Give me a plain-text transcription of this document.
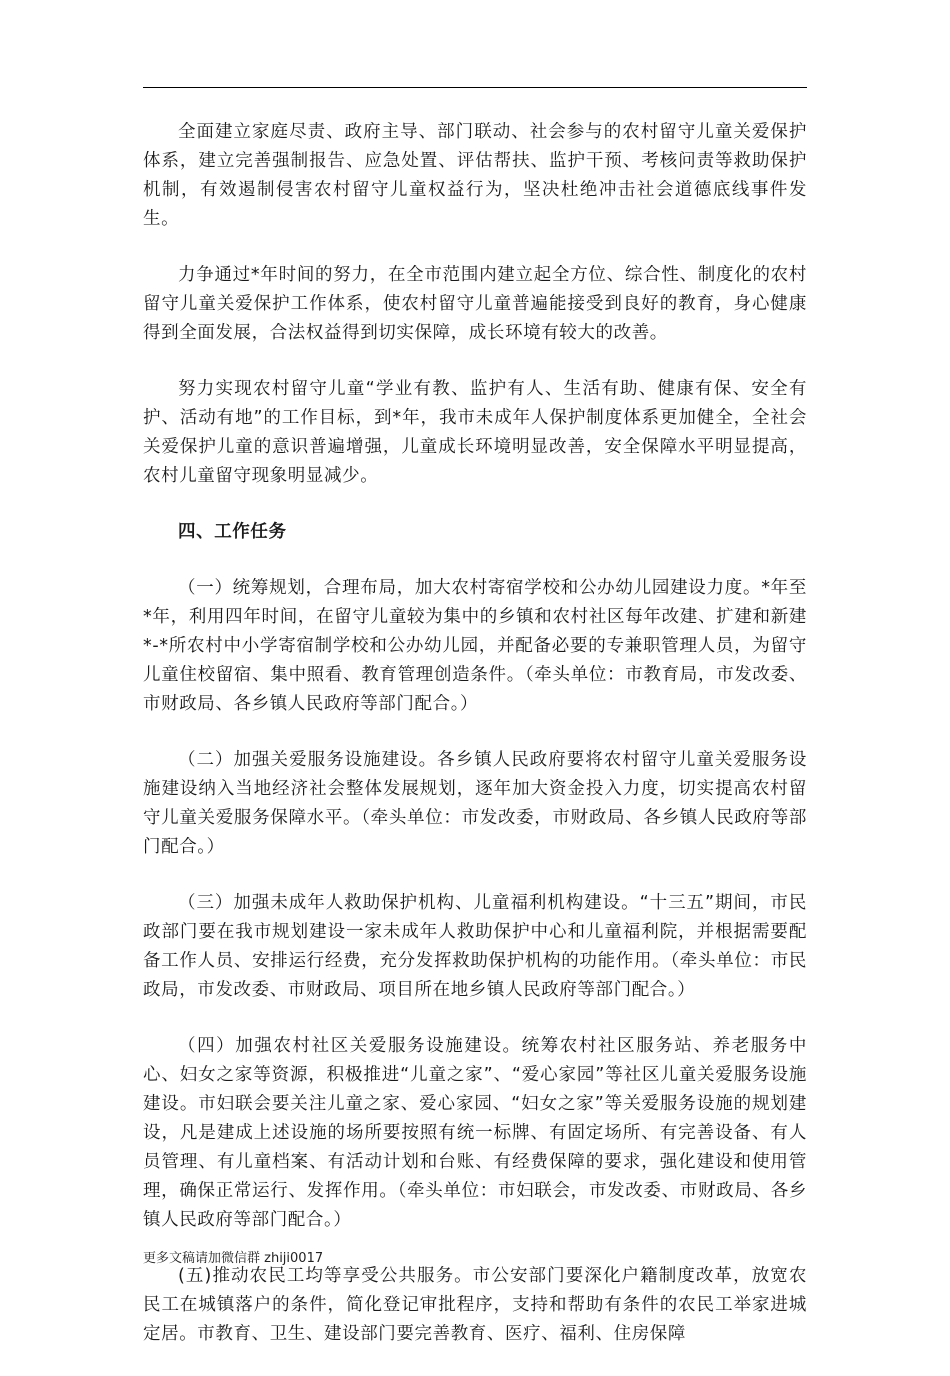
全面建立家庭尽责、政府主导、部门联动、社会参与的农村留守儿童关爱保护体系，建立完善强制报告、应急处置、评估帮扶、监护干预、考核问责等救助保护机制，有效遏制侵害农村留守儿童权益行为，坚决杜绝冲击社会道德底线事件发生。

力争通过*年时间的努力，在全市范围内建立起全方位、综合性、制度化的农村留守儿童关爱保护工作体系，使农村留守儿童普遍能接受到良好的教育，身心健康得到全面发展，合法权益得到切实保障，成长环境有较大的改善。

努力实现农村留守儿童“学业有教、监护有人、生活有助、健康有保、安全有护、活动有地”的工作目标，到*年，我市未成年人保护制度体系更加健全，全社会关爱保护儿童的意识普遍增强，儿童成长环境明显改善，安全保障水平明显提高，农村儿童留守现象明显减少。

四、工作任务

（一）统筹规划，合理布局，加大农村寄宿学校和公办幼儿园建设力度。*年至*年，利用四年时间，在留守儿童较为集中的乡镇和农村社区每年改建、扩建和新建*-*所农村中小学寄宿制学校和公办幼儿园，并配备必要的专兼职管理人员，为留守儿童住校留宿、集中照看、教育管理创造条件。（牵头单位：市教育局，市发改委、市财政局、各乡镇人民政府等部门配合。）

（二）加强关爱服务设施建设。各乡镇人民政府要将农村留守儿童关爱服务设施建设纳入当地经济社会整体发展规划，逐年加大资金投入力度，切实提高农村留守儿童关爱服务保障水平。（牵头单位：市发改委，市财政局、各乡镇人民政府等部门配合。）

（三）加强未成年人救助保护机构、儿童福利机构建设。“十三五”期间，市民政部门要在我市规划建设一家未成年人救助保护中心和儿童福利院，并根据需要配备工作人员、安排运行经费，充分发挥救助保护机构的功能作用。（牵头单位：市民政局，市发改委、市财政局、项目所在地乡镇人民政府等部门配合。）

（四）加强农村社区关爱服务设施建设。统筹农村社区服务站、养老服务中心、妇女之家等资源，积极推进“儿童之家”、“爱心家园”等社区儿童关爱服务设施建设。市妇联会要关注儿童之家、爱心家园、“妇女之家”等关爱服务设施的规划建设，凡是建成上述设施的场所要按照有统一标牌、有固定场所、有完善设备、有人员管理、有儿童档案、有活动计划和台账、有经费保障的要求，强化建设和使用管理，确保正常运行、发挥作用。（牵头单位：市妇联会，市发改委、市财政局、各乡镇人民政府等部门配合。）

(五)推动农民工均等享受公共服务。市公安部门要深化户籍制度改革，放宽农民工在城镇落户的条件，简化登记审批程序，支持和帮助有条件的农民工举家进城定居。市教育、卫生、建设部门要完善教育、医疗、福利、住房保障

更多文稿请加微信群 zhiji0017
